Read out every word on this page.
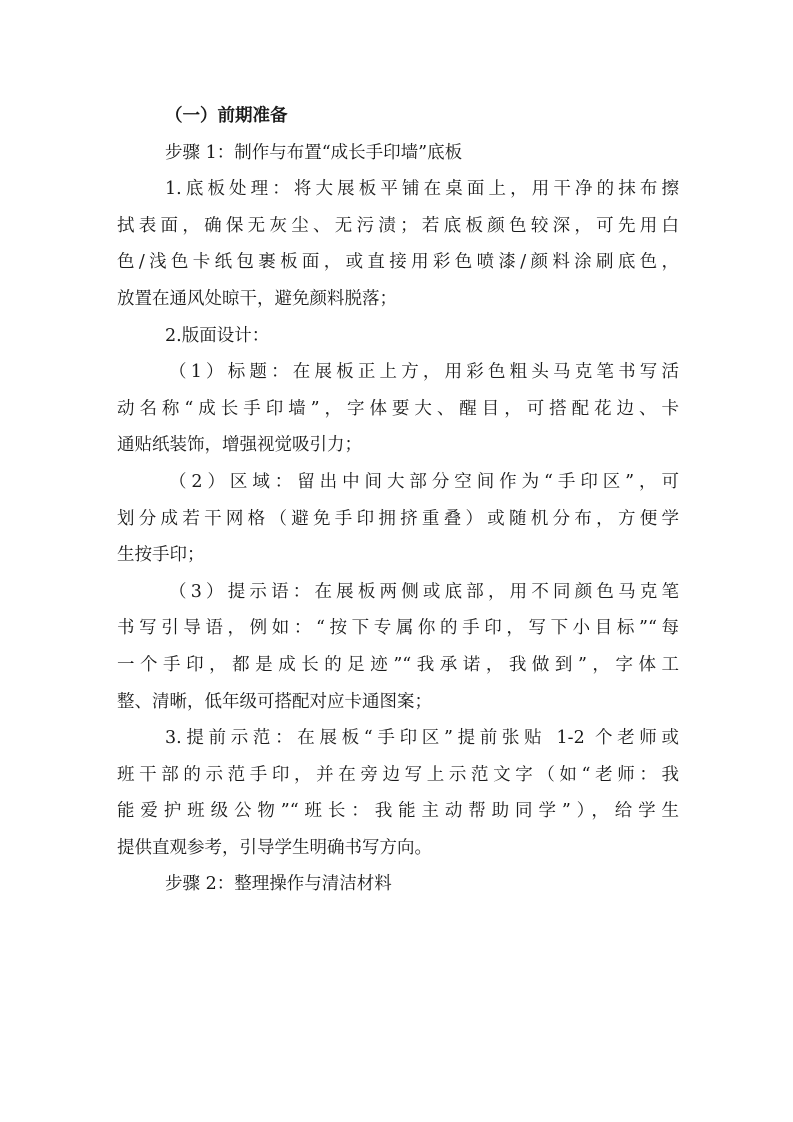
（一）前期准备
步骤 1：制作与布置“成长手印墙”底板
1.底板处理：将大展板平铺在桌面上，用干净的抹布擦
拭表面，确保无灰尘、无污渍；若底板颜色较深，可先用白
色/浅色卡纸包裹板面，或直接用彩色喷漆/颜料涂刷底色，
放置在通风处晾干，避免颜料脱落；
2.版面设计：
（1）标题：在展板正上方，用彩色粗头马克笔书写活
动名称“成长手印墙”，字体要大、醒目，可搭配花边、卡
通贴纸装饰，增强视觉吸引力；
（2）区域：留出中间大部分空间作为“手印区”，可
划分成若干网格（避免手印拥挤重叠）或随机分布，方便学
生按手印；
（3）提示语：在展板两侧或底部，用不同颜色马克笔
书写引导语，例如：“按下专属你的手印，写下小目标”“每
一个手印，都是成长的足迹”“我承诺，我做到”，字体工
整、清晰，低年级可搭配对应卡通图案；
3.提前示范：在展板“手印区”提前张贴 1-2 个老师或
班干部的示范手印，并在旁边写上示范文字（如“老师：我
能爱护班级公物”“班长：我能主动帮助同学”），给学生
提供直观参考，引导学生明确书写方向。
步骤 2：整理操作与清洁材料
